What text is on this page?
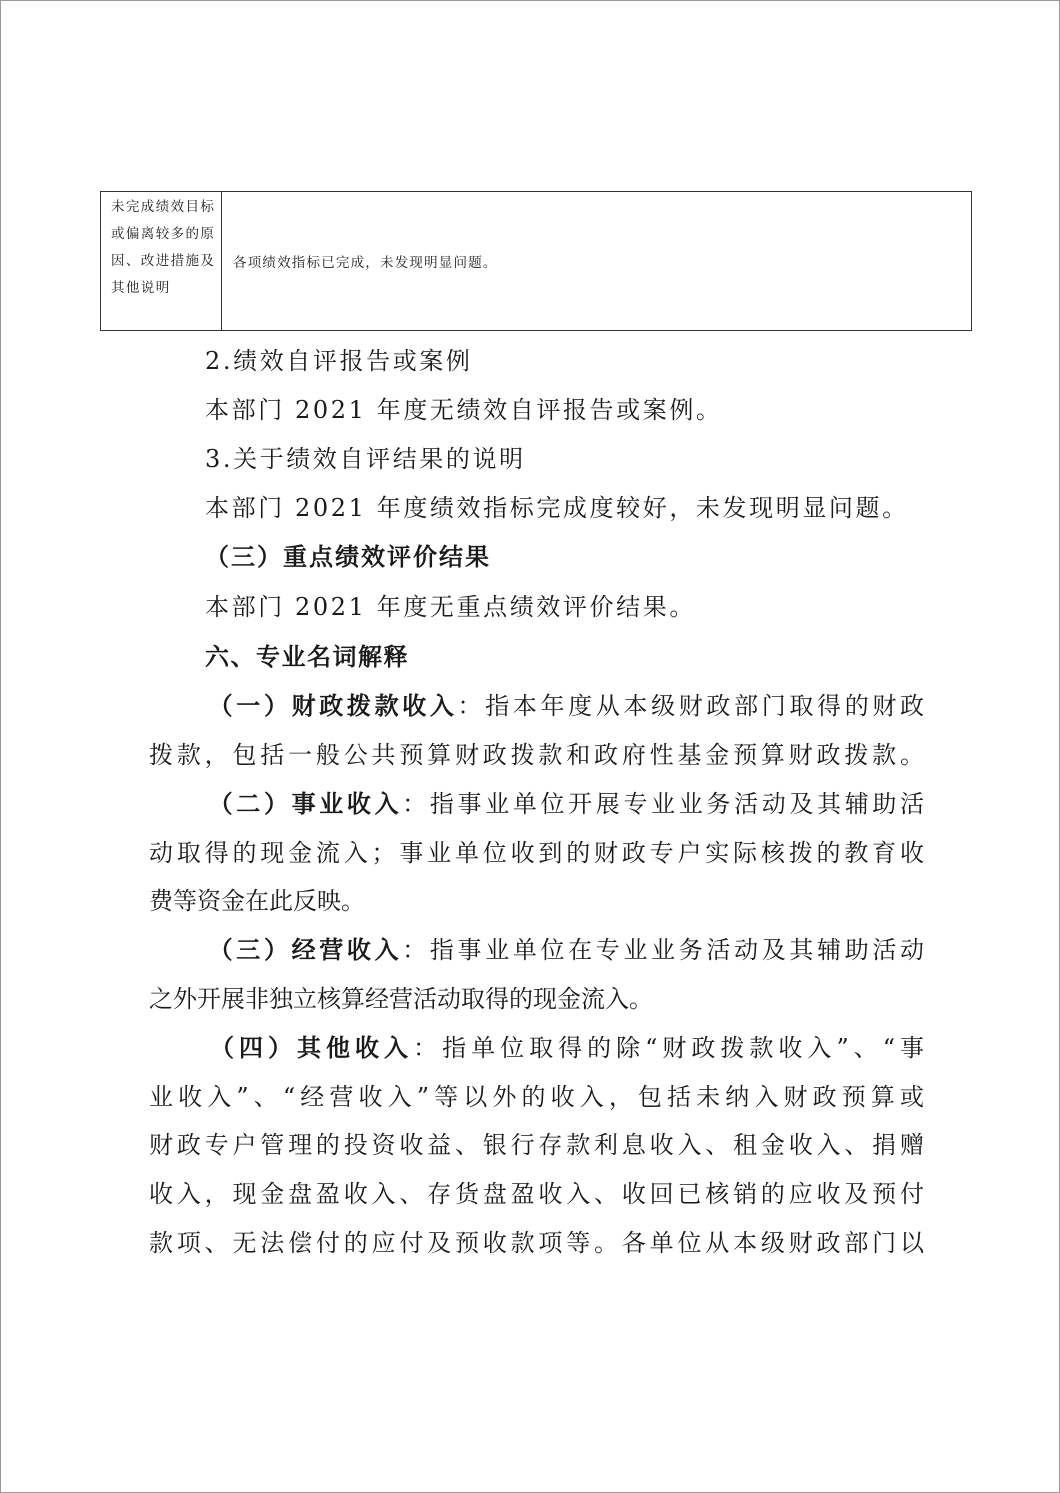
未完成绩效目标或偏离较多的原因、改进措施及其他说明
各项绩效指标已完成，未发现明显问题。
2.绩效自评报告或案例
本部门 2021 年度无绩效自评报告或案例。
3.关于绩效自评结果的说明
本部门 2021 年度绩效指标完成度较好，未发现明显问题。
（三）重点绩效评价结果
本部门 2021 年度无重点绩效评价结果。
六、专业名词解释
（一）财政拨款收入：指本年度从本级财政部门取得的财政
拨款，包括一般公共预算财政拨款和政府性基金预算财政拨款。
（二）事业收入：指事业单位开展专业业务活动及其辅助活
动取得的现金流入；事业单位收到的财政专户实际核拨的教育收
费等资金在此反映。
（三）经营收入：指事业单位在专业业务活动及其辅助活动
之外开展非独立核算经营活动取得的现金流入。
（四）其他收入：指单位取得的除“财政拨款收入”、“事
业收入”、“经营收入”等以外的收入，包括未纳入财政预算或
财政专户管理的投资收益、银行存款利息收入、租金收入、捐赠
收入，现金盘盈收入、存货盘盈收入、收回已核销的应收及预付
款项、无法偿付的应付及预收款项等。各单位从本级财政部门以
